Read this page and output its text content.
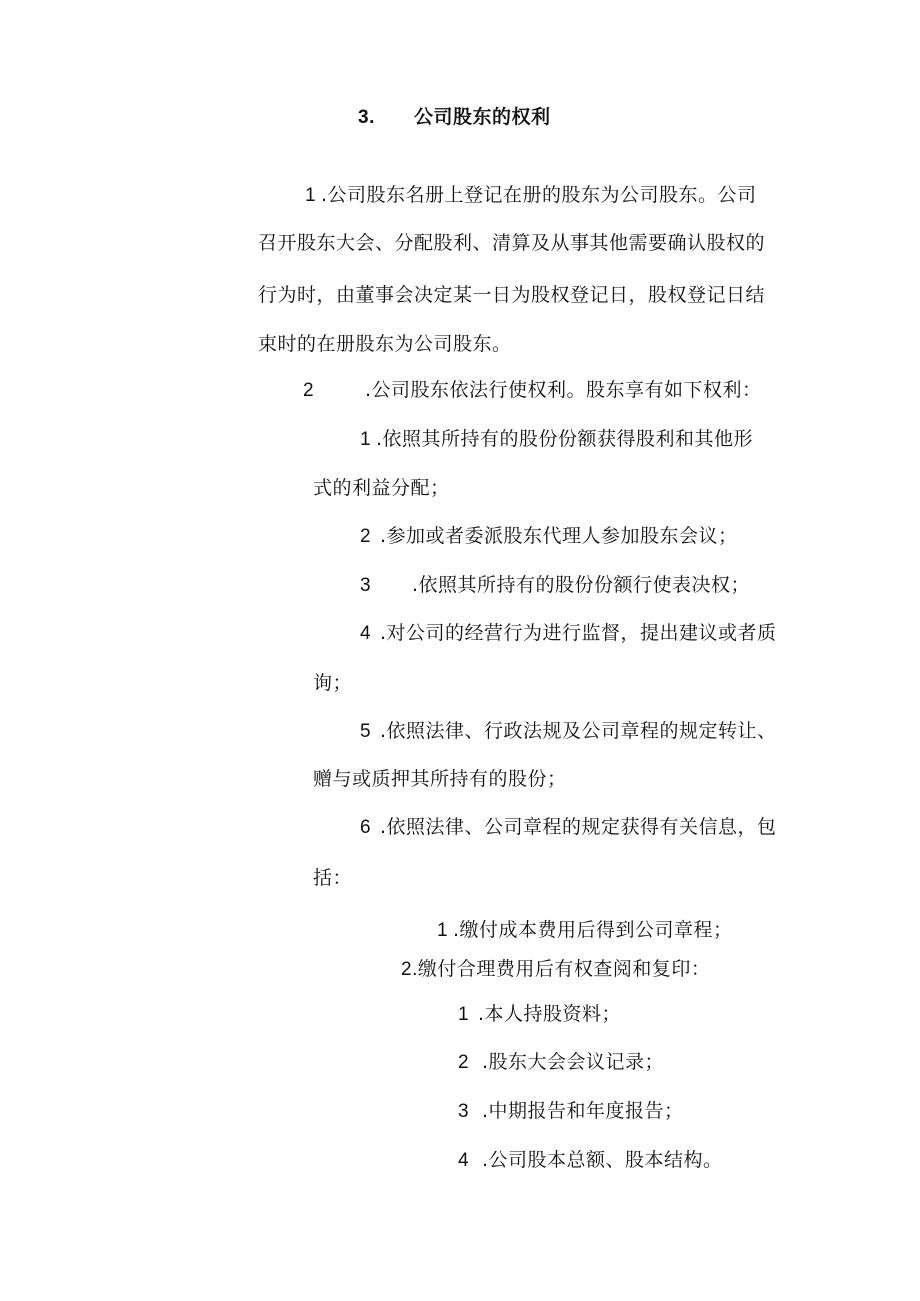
3. 公司股东的权利
1 .公司股东名册上登记在册的股东为公司股东。公司
召开股东大会、分配股利、清算及从事其他需要确认股权的
行为时，由董事会决定某一日为股权登记日，股权登记日结
束时的在册股东为公司股东。
2	.公司股东依法行使权利。股东享有如下权利：
1 .依照其所持有的股份份额获得股利和其他形
式的利益分配；
2 .参加或者委派股东代理人参加股东会议；
3 .依照其所持有的股份份额行使表决权；
4 .对公司的经营行为进行监督，提出建议或者质
询；
5 .依照法律、行政法规及公司章程的规定转让、
赠与或质押其所持有的股份；
6 .依照法律、公司章程的规定获得有关信息，包
括：
1 .缴付成本费用后得到公司章程；
2.缴付合理费用后有权查阅和复印：
1 .本人持股资料；
2 .股东大会会议记录；
3 .中期报告和年度报告；
4 .公司股本总额、股本结构。
